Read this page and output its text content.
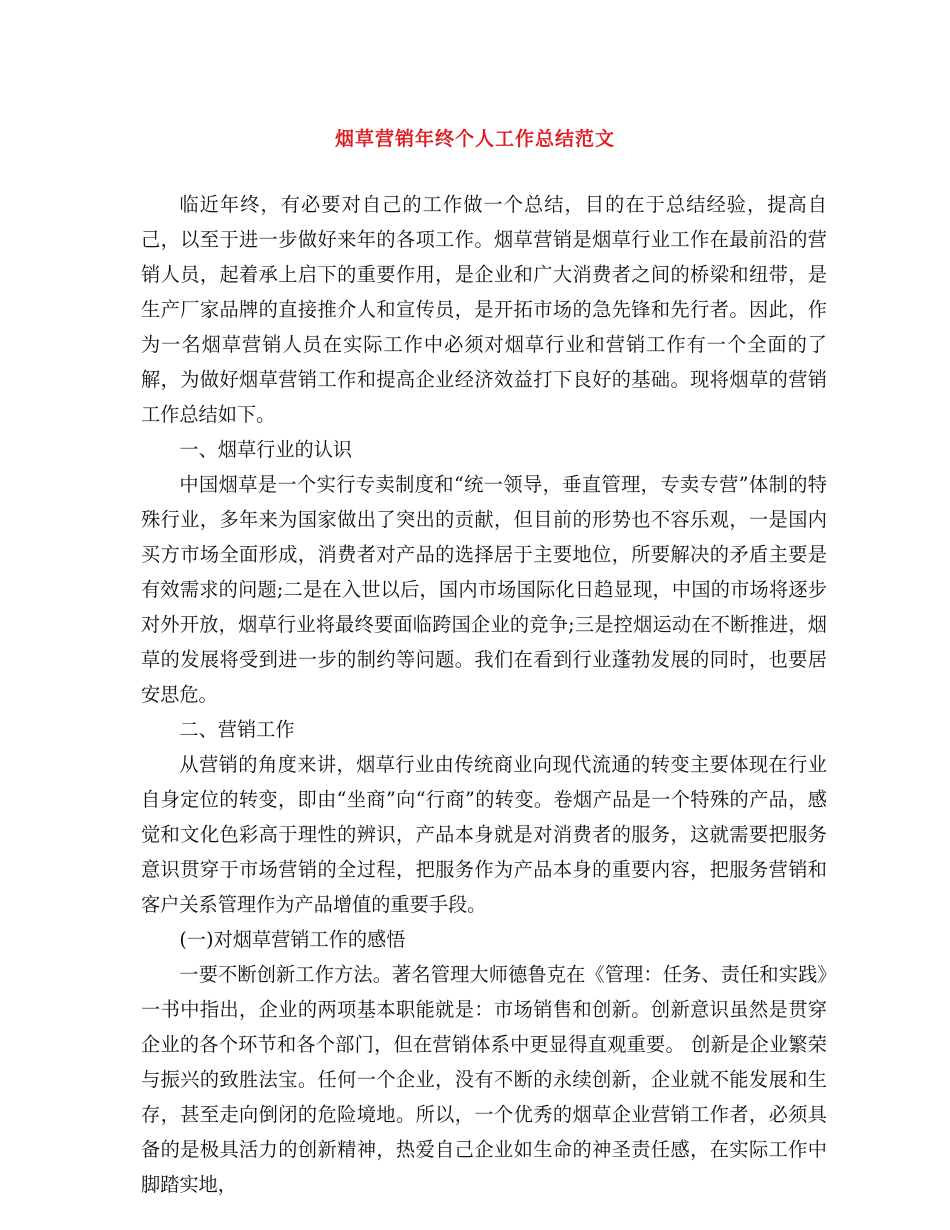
烟草营销年终个人工作总结范文

临近年终，有必要对自己的工作做一个总结，目的在于总结经验，提高自己，以至于进一步做好来年的各项工作。烟草营销是烟草行业工作在最前沿的营销人员，起着承上启下的重要作用，是企业和广大消费者之间的桥梁和纽带，是生产厂家品牌的直接推介人和宣传员，是开拓市场的急先锋和先行者。因此，作为一名烟草营销人员在实际工作中必须对烟草行业和营销工作有一个全面的了解，为做好烟草营销工作和提高企业经济效益打下良好的基础。现将烟草的营销工作总结如下。

一、烟草行业的认识

中国烟草是一个实行专卖制度和“统一领导，垂直管理，专卖专营”体制的特殊行业，多年来为国家做出了突出的贡献，但目前的形势也不容乐观，一是国内买方市场全面形成，消费者对产品的选择居于主要地位，所要解决的矛盾主要是有效需求的问题;二是在入世以后，国内市场国际化日趋显现，中国的市场将逐步对外开放，烟草行业将最终要面临跨国企业的竞争;三是控烟运动在不断推进，烟草的发展将受到进一步的制约等问题。我们在看到行业蓬勃发展的同时，也要居安思危。

二、营销工作

从营销的角度来讲，烟草行业由传统商业向现代流通的转变主要体现在行业自身定位的转变，即由“坐商”向“行商”的转变。卷烟产品是一个特殊的产品，感觉和文化色彩高于理性的辨识，产品本身就是对消费者的服务，这就需要把服务意识贯穿于市场营销的全过程，把服务作为产品本身的重要内容，把服务营销和客户关系管理作为产品增值的重要手段。

(一)对烟草营销工作的感悟

一要不断创新工作方法。著名管理大师德鲁克在《管理：任务、责任和实践》一书中指出，企业的两项基本职能就是：市场销售和创新。创新意识虽然是贯穿企业的各个环节和各个部门，但在营销体系中更显得直观重要。 创新是企业繁荣与振兴的致胜法宝。任何一个企业，没有不断的永续创新，企业就不能发展和生存，甚至走向倒闭的危险境地。所以，一个优秀的烟草企业营销工作者，必须具备的是极具活力的创新精神，热爱自己企业如生命的神圣责任感，在实际工作中脚踏实地，
